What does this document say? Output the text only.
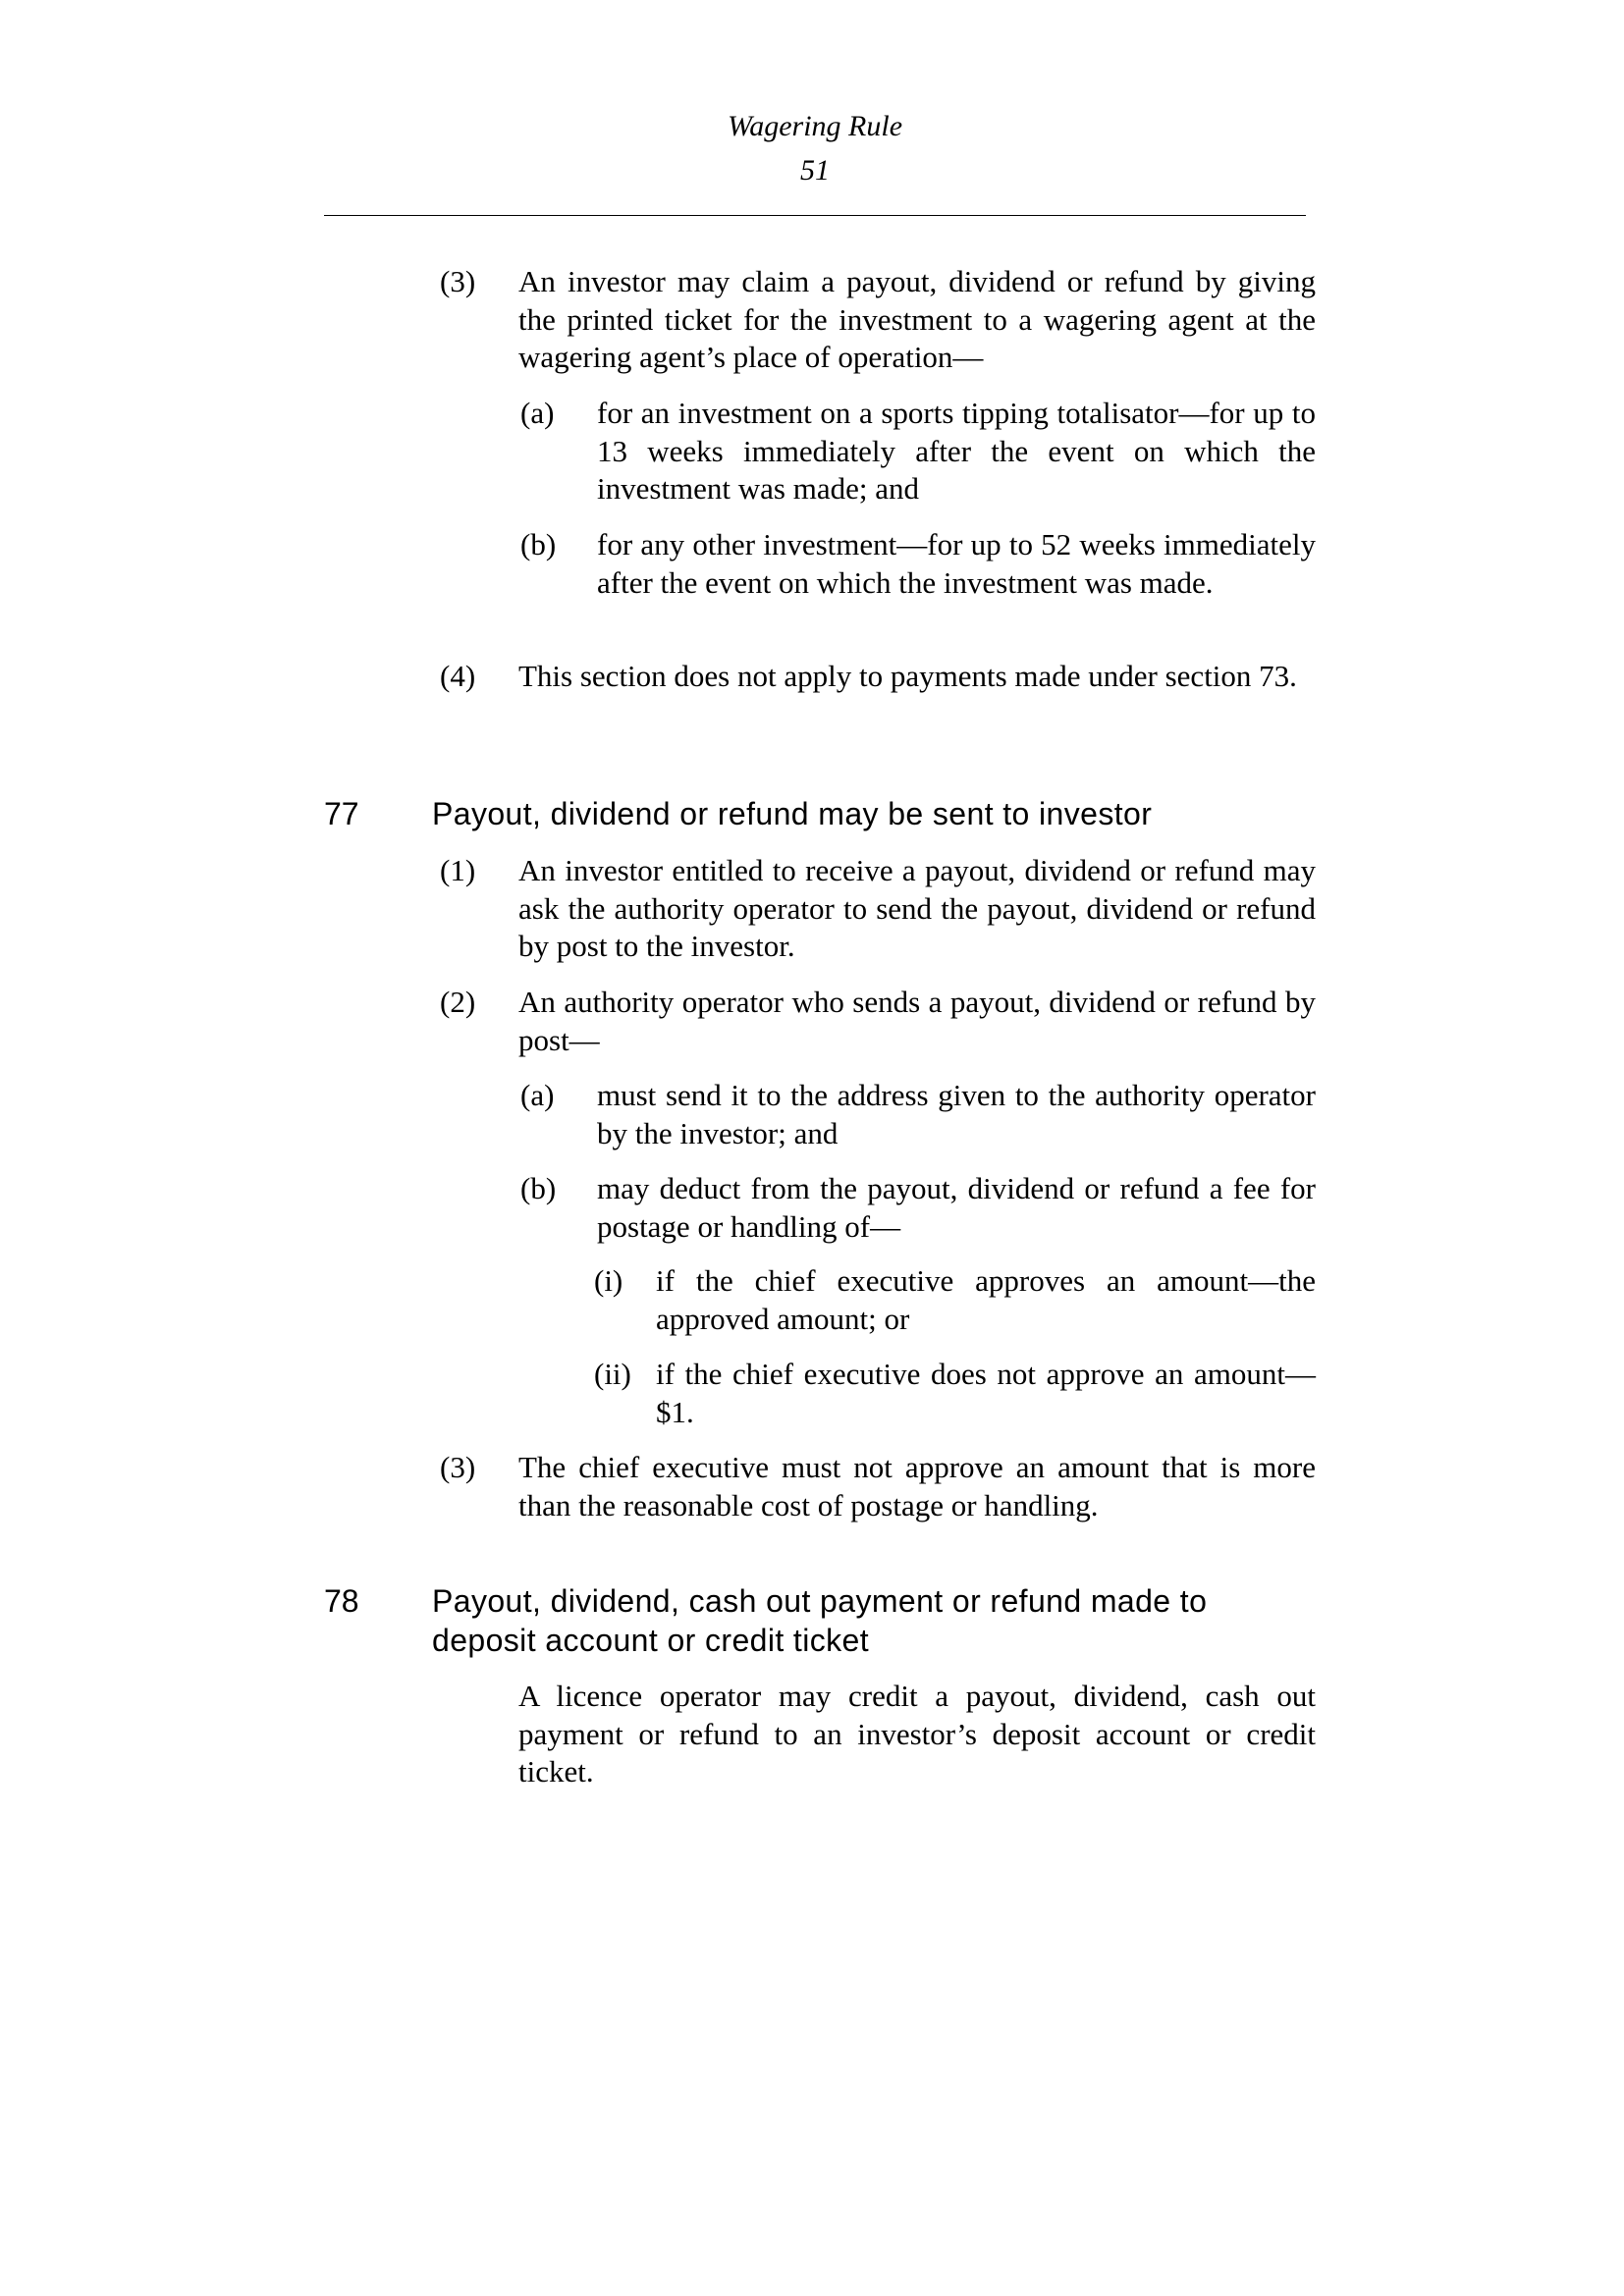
Wagering Rule
51
(3) An investor may claim a payout, dividend or refund by giving the printed ticket for the investment to a wagering agent at the wagering agent’s place of operation—
(a) for an investment on a sports tipping totalisator—for up to 13 weeks immediately after the event on which the investment was made; and
(b) for any other investment—for up to 52 weeks immediately after the event on which the investment was made.
(4) This section does not apply to payments made under section 73.
77 Payout, dividend or refund may be sent to investor
(1) An investor entitled to receive a payout, dividend or refund may ask the authority operator to send the payout, dividend or refund by post to the investor.
(2) An authority operator who sends a payout, dividend or refund by post—
(a) must send it to the address given to the authority operator by the investor; and
(b) may deduct from the payout, dividend or refund a fee for postage or handling of—
(i) if the chief executive approves an amount—the approved amount; or
(ii) if the chief executive does not approve an amount—$1.
(3) The chief executive must not approve an amount that is more than the reasonable cost of postage or handling.
78 Payout, dividend, cash out payment or refund made to deposit account or credit ticket
A licence operator may credit a payout, dividend, cash out payment or refund to an investor’s deposit account or credit ticket.
